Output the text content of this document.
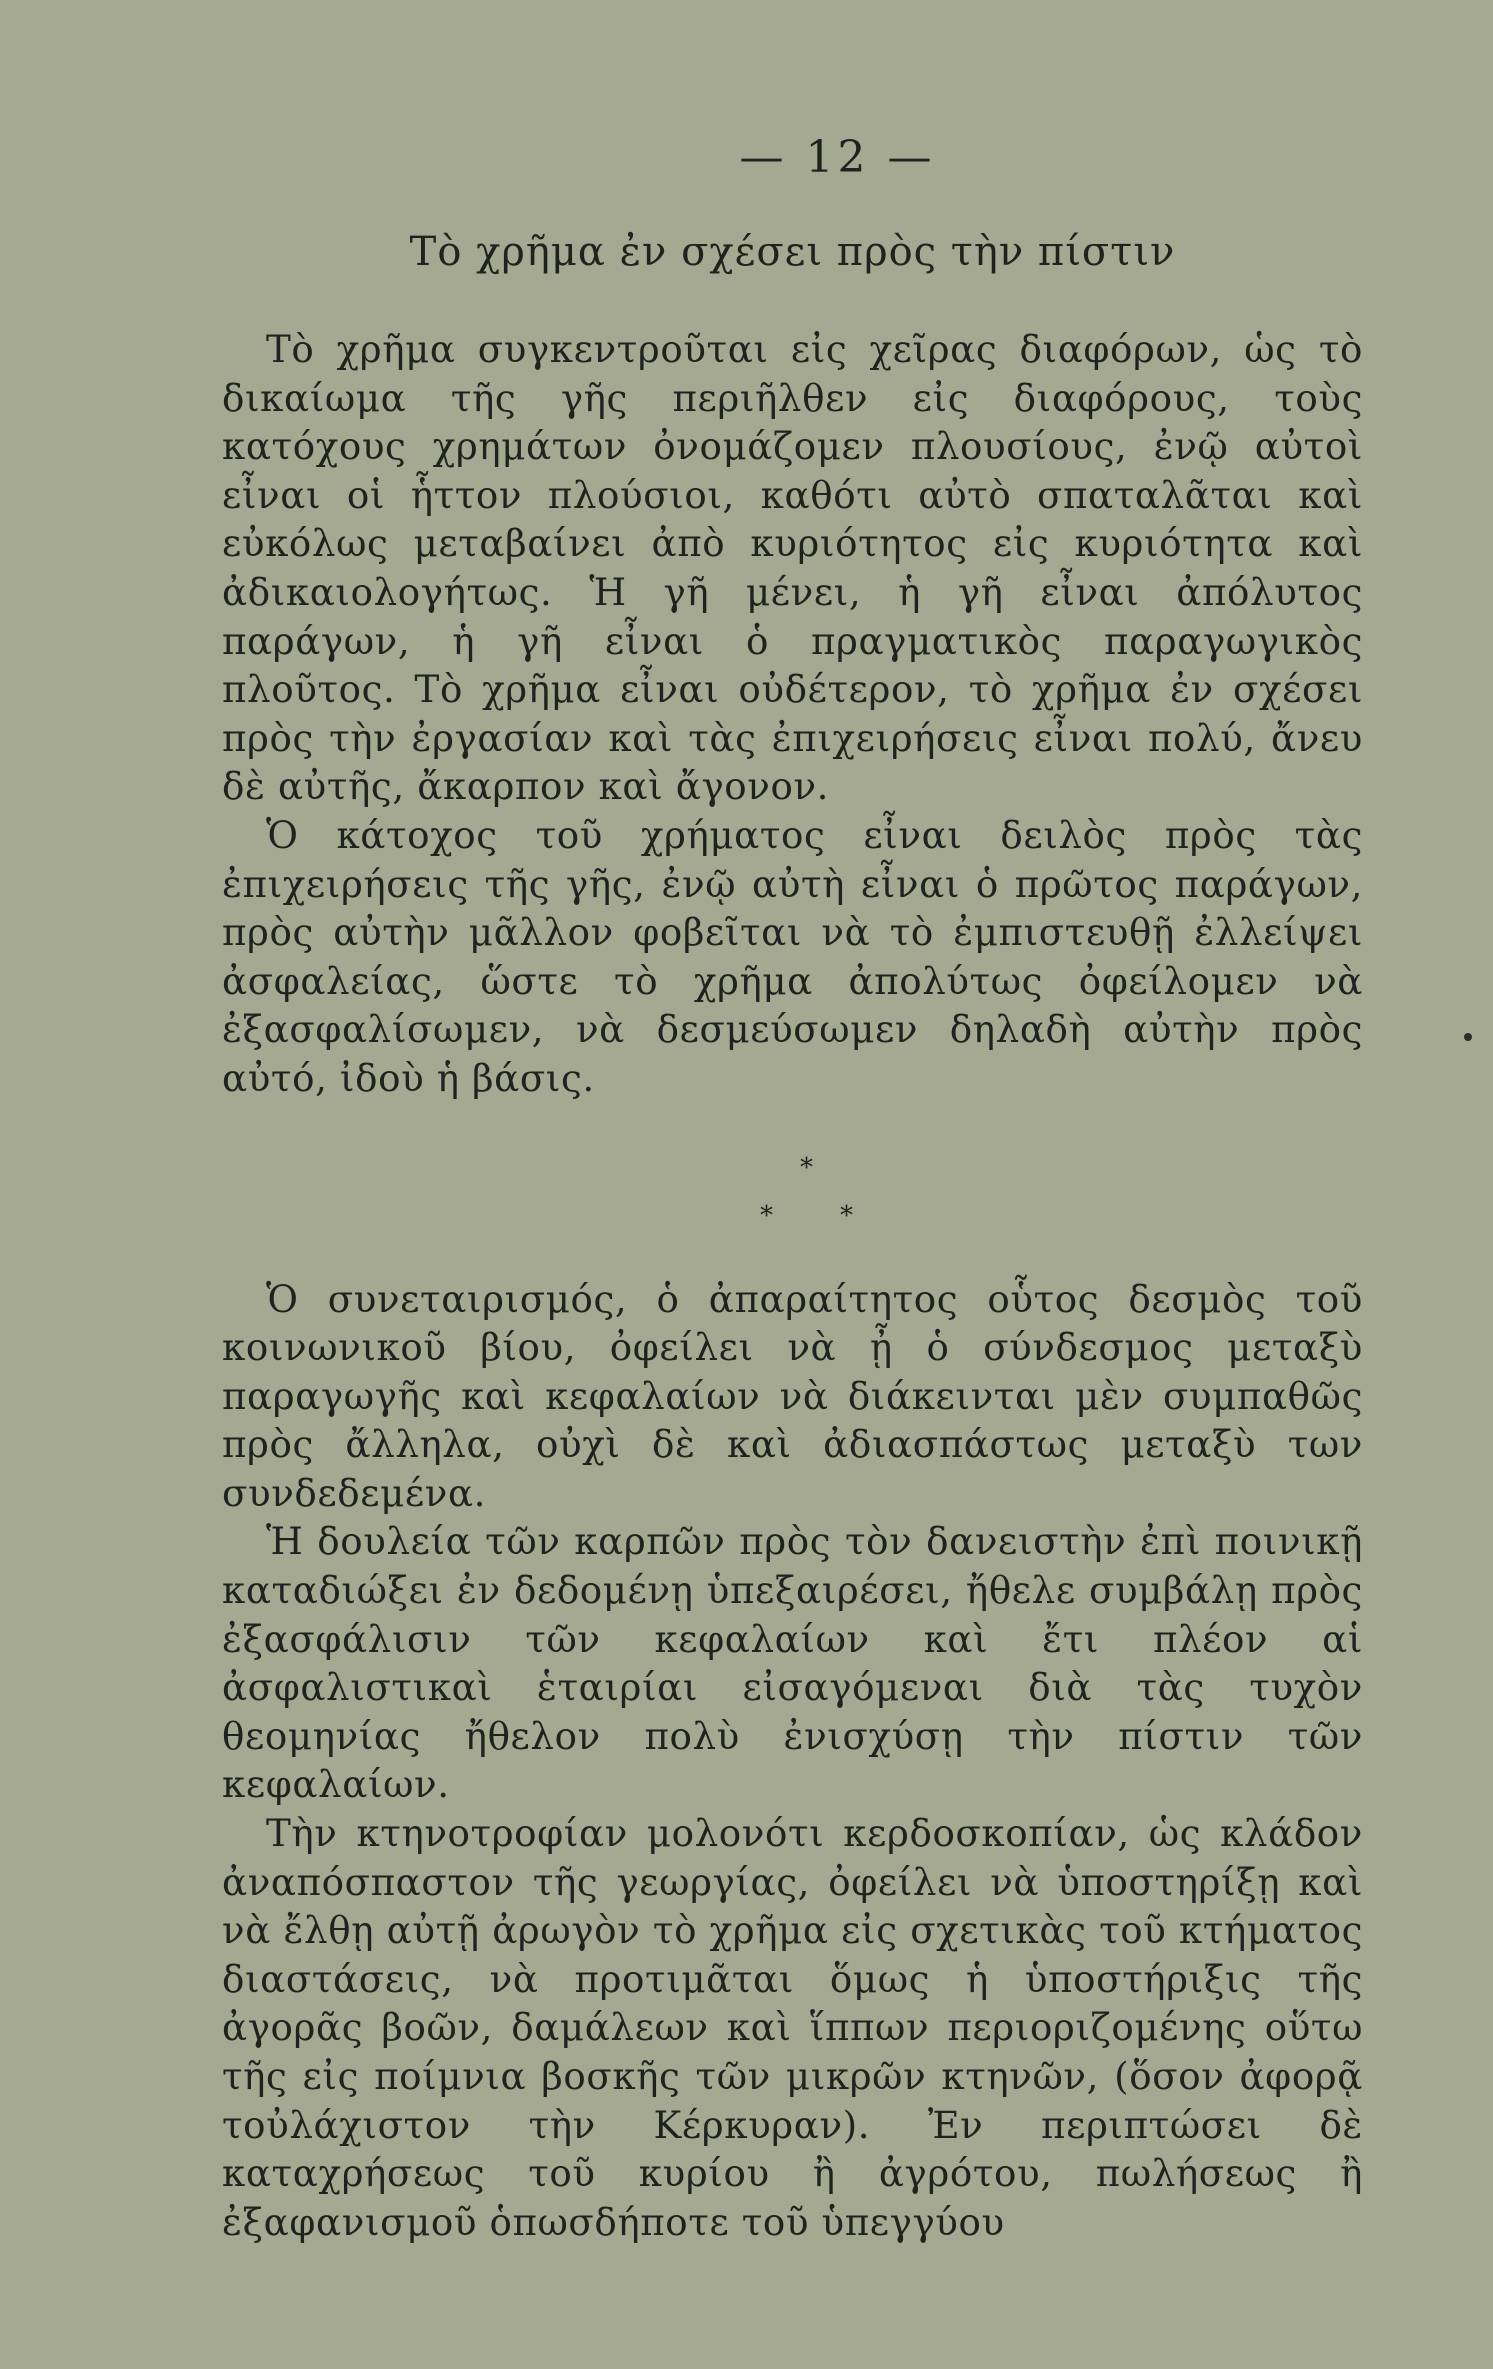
— 12 —
Τὸ χρῆμα ἐν σχέσει πρὸς τὴν πίστιν

Τὸ χρῆμα συγκεντροῦται εἰς χεῖρας διαφόρων, ὡς τὸ δικαίωμα τῆς γῆς περιῆλθεν εἰς διαφόρους, τοὺς κατόχους χρημάτων ὀνομάζομεν πλουσίους, ἐνῷ αὐτοὶ εἶναι οἱ ἧττον πλούσιοι, καθότι αὐτὸ σπαταλᾶται καὶ εὐκόλως μεταβαίνει ἀπὸ κυριότητος εἰς κυριότητα καὶ ἀδικαιολογήτως. Ἡ γῆ μένει, ἡ γῆ εἶναι ἀπόλυτος παράγων, ἡ γῆ εἶναι ὁ πραγματικὸς παραγωγικὸς πλοῦτος. Τὸ χρῆμα εἶναι οὐδέτερον, τὸ χρῆμα ἐν σχέσει πρὸς τὴν ἐργασίαν καὶ τὰς ἐπιχειρήσεις εἶναι πολύ, ἄνευ δὲ αὐτῆς, ἄκαρπον καὶ ἄγονον.

Ὁ κάτοχος τοῦ χρήματος εἶναι δειλὸς πρὸς τὰς ἐπιχειρήσεις τῆς γῆς, ἐνῷ αὐτὴ εἶναι ὁ πρῶτος παράγων, πρὸς αὐτὴν μᾶλλον φοβεῖται νὰ τὸ ἐμπιστευθῇ ἐλλείψει ἀσφαλείας, ὥστε τὸ χρῆμα ἀπολύτως ὀφείλομεν νὰ ἐξασφαλίσωμεν, νὰ δεσμεύσωμεν δηλαδὴ αὐτὴν πρὸς αὐτό, ἰδοὺ ἡ βάσις.

*
*	*

Ὁ συνεταιρισμός, ὁ ἀπαραίτητος οὗτος δεσμὸς τοῦ κοινωνικοῦ βίου, ὀφείλει νὰ ᾖ ὁ σύνδεσμος μεταξὺ παραγωγῆς καὶ κεφαλαίων νὰ διάκεινται μὲν συμπαθῶς πρὸς ἄλληλα, οὐχὶ δὲ καὶ ἀδιασπάστως μεταξὺ των συνδεδεμένα.

Ἡ δουλεία τῶν καρπῶν πρὸς τὸν δανειστὴν ἐπὶ ποινικῇ καταδιώξει ἐν δεδομένῃ ὑπεξαιρέσει, ἤθελε συμβάλῃ πρὸς ἐξασφάλισιν τῶν κεφαλαίων καὶ ἔτι πλέον αἱ ἀσφαλιστικαὶ ἑταιρίαι εἰσαγόμεναι διὰ τὰς τυχὸν θεομηνίας ἤθελον πολὺ ἐνισχύσῃ τὴν πίστιν τῶν κεφαλαίων.

Τὴν κτηνοτροφίαν μολονότι κερδοσκοπίαν, ὡς κλάδον ἀναπόσπαστον τῆς γεωργίας, ὀφείλει νὰ ὑποστηρίξῃ καὶ νὰ ἔλθῃ αὐτῇ ἀρωγὸν τὸ χρῆμα εἰς σχετικὰς τοῦ κτήματος διαστάσεις, νὰ προτιμᾶται ὅμως ἡ ὑποστήριξις τῆς ἀγορᾶς βοῶν, δαμάλεων καὶ ἵππων περιοριζομένης οὕτω τῆς εἰς ποίμνια βοσκῆς τῶν μικρῶν κτηνῶν, (ὅσον ἀφορᾷ τοὐλάχιστον τὴν Κέρκυραν). Ἐν περιπτώσει δὲ καταχρήσεως τοῦ κυρίου ἢ ἀγρότου, πωλήσεως ἢ ἐξαφανισμοῦ ὁπωσδήποτε τοῦ ὑπεγγύου
